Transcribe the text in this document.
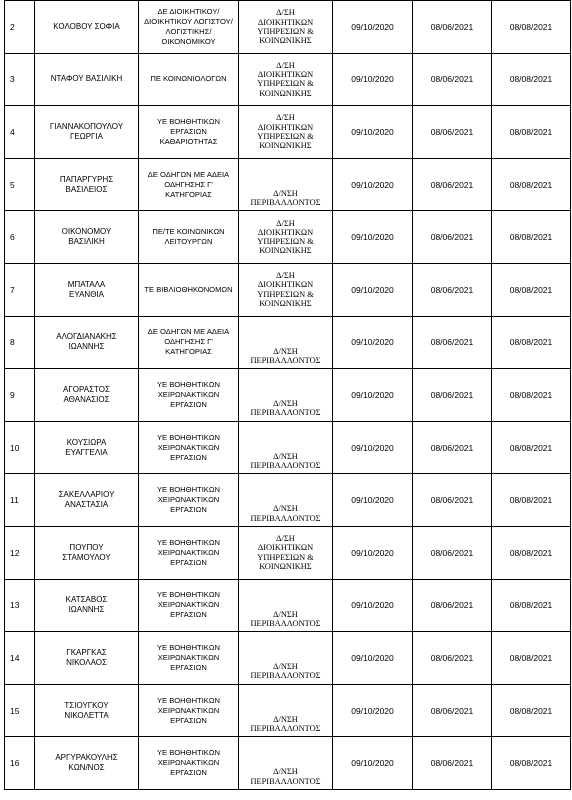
2	ΚΟΛΟΒΟΥ ΣΟΦΙΑ	ΔΕ ΔΙΟΙΚΗΤΙΚΟΥ/
ΔΙΟΙΚΗΤΙΚΟΥ ΛΟΓΙΣΤΟΥ/
ΛΟΓΙΣΤΙΚΗΣ/
ΟΙΚΟΝΟΜΙΚΟΥ	Δ/ΣΗ
ΔΙΟΙΚΗΤΙΚΩΝ
ΥΠΗΡΕΣΙΩΝ &
ΚΟΙΝΩΝΙΚΗΣ	09/10/2020	08/06/2021	08/08/2021

3	ΝΤΑΦΟΥ ΒΑΣΙΛΙΚΗ	ΠΕ ΚΟΙΝΩΝΙΟΛΟΓΩΝ	Δ/ΣΗ
ΔΙΟΙΚΗΤΙΚΩΝ
ΥΠΗΡΕΣΙΩΝ &
ΚΟΙΝΩΝΙΚΗΣ	09/10/2020	08/06/2021	08/08/2021

4	ΓΙΑΝΝΑΚΟΠΟΥΛΟΥ
ΓΕΩΡΓΙΑ	ΥΕ ΒΟΗΘΗΤΙΚΩΝ
ΕΡΓΑΣΙΩΝ
ΚΑΘΑΡΙΟΤΗΤΑΣ	Δ/ΣΗ
ΔΙΟΙΚΗΤΙΚΩΝ
ΥΠΗΡΕΣΙΩΝ &
ΚΟΙΝΩΝΙΚΗΣ	09/10/2020	08/06/2021	08/08/2021

5	ΠΑΠΑΡΓΥΡΗΣ
ΒΑΣΙΛΕΙΟΣ	ΔΕ ΟΔΗΓΩΝ ΜΕ ΑΔΕΙΑ
ΟΔΗΓΗΣΗΣ Γ'
ΚΑΤΗΓΟΡΙΑΣ	Δ/ΝΣΗ
ΠΕΡΙΒΑΛΛΟΝΤΟΣ	09/10/2020	08/06/2021	08/08/2021

6	ΟΙΚΟΝΟΜΟΥ
ΒΑΣΙΛΙΚΗ	ΠΕ/ΤΕ ΚΟΙΝΩΝΙΚΩΝ
ΛΕΙΤΟΥΡΓΩΝ	Δ/ΣΗ
ΔΙΟΙΚΗΤΙΚΩΝ
ΥΠΗΡΕΣΙΩΝ &
ΚΟΙΝΩΝΙΚΗΣ	09/10/2020	08/06/2021	08/08/2021

7	ΜΠΑΤΑΛΑ
ΕΥΑΝΘΙΑ	ΤΕ ΒΙΒΛΙΟΘΗΚΟΝΟΜΩΝ	Δ/ΣΗ
ΔΙΟΙΚΗΤΙΚΩΝ
ΥΠΗΡΕΣΙΩΝ &
ΚΟΙΝΩΝΙΚΗΣ	09/10/2020	08/06/2021	08/08/2021

8	ΑΛΟΓΔΙΑΝΑΚΗΣ
ΙΩΑΝΝΗΣ	ΔΕ ΟΔΗΓΩΝ ΜΕ ΑΔΕΙΑ
ΟΔΗΓΗΣΗΣ Γ'
ΚΑΤΗΓΟΡΙΑΣ	Δ/ΝΣΗ
ΠΕΡΙΒΑΛΛΟΝΤΟΣ	09/10/2020	08/06/2021	08/08/2021

9	ΑΓΟΡΑΣΤΟΣ
ΑΘΑΝΑΣΙΟΣ	ΥΕ ΒΟΗΘΗΤΙΚΩΝ
ΧΕΙΡΩΝΑΚΤΙΚΩΝ
ΕΡΓΑΣΙΩΝ	Δ/ΝΣΗ
ΠΕΡΙΒΑΛΛΟΝΤΟΣ	09/10/2020	08/06/2021	08/08/2021

10	ΚΟΥΣΙΩΡΑ
ΕΥΑΓΓΕΛΙΑ	ΥΕ ΒΟΗΘΗΤΙΚΩΝ
ΧΕΙΡΩΝΑΚΤΙΚΩΝ
ΕΡΓΑΣΙΩΝ	Δ/ΝΣΗ
ΠΕΡΙΒΑΛΛΟΝΤΟΣ	09/10/2020	08/06/2021	08/08/2021

11	ΣΑΚΕΛΛΑΡΙΟΥ
ΑΝΑΣΤΑΣΙΑ	ΥΕ ΒΟΗΘΗΤΙΚΩΝ
ΧΕΙΡΩΝΑΚΤΙΚΩΝ
ΕΡΓΑΣΙΩΝ	Δ/ΝΣΗ
ΠΕΡΙΒΑΛΛΟΝΤΟΣ	09/10/2020	08/06/2021	08/08/2021

12	ΠΟΥΠΟΥ
ΣΤΑΜΟΥΛΟΥ	ΥΕ ΒΟΗΘΗΤΙΚΩΝ
ΧΕΙΡΩΝΑΚΤΙΚΩΝ
ΕΡΓΑΣΙΩΝ	Δ/ΣΗ
ΔΙΟΙΚΗΤΙΚΩΝ
ΥΠΗΡΕΣΙΩΝ &
ΚΟΙΝΩΝΙΚΗΣ	09/10/2020	08/06/2021	08/08/2021

13	ΚΑΤΣΑΒΟΣ
ΙΩΑΝΝΗΣ	ΥΕ ΒΟΗΘΗΤΙΚΩΝ
ΧΕΙΡΩΝΑΚΤΙΚΩΝ
ΕΡΓΑΣΙΩΝ	Δ/ΝΣΗ
ΠΕΡΙΒΑΛΛΟΝΤΟΣ	09/10/2020	08/06/2021	08/08/2021

14	ΓΚΑΡΓΚΑΣ
ΝΙΚΟΛΑΟΣ	ΥΕ ΒΟΗΘΗΤΙΚΩΝ
ΧΕΙΡΩΝΑΚΤΙΚΩΝ
ΕΡΓΑΣΙΩΝ	Δ/ΝΣΗ
ΠΕΡΙΒΑΛΛΟΝΤΟΣ	09/10/2020	08/06/2021	08/08/2021

15	ΤΣΙΟΥΓΚΟΥ
ΝΙΚΟΛΕΤΤΑ	ΥΕ ΒΟΗΘΗΤΙΚΩΝ
ΧΕΙΡΩΝΑΚΤΙΚΩΝ
ΕΡΓΑΣΙΩΝ	Δ/ΝΣΗ
ΠΕΡΙΒΑΛΛΟΝΤΟΣ	09/10/2020	08/06/2021	08/08/2021

16	ΑΡΓΥΡΑΚΟΥΛΗΣ
ΚΩΝ/ΝΟΣ	ΥΕ ΒΟΗΘΗΤΙΚΩΝ
ΧΕΙΡΩΝΑΚΤΙΚΩΝ
ΕΡΓΑΣΙΩΝ	Δ/ΝΣΗ
ΠΕΡΙΒΑΛΛΟΝΤΟΣ	09/10/2020	08/06/2021	08/08/2021
